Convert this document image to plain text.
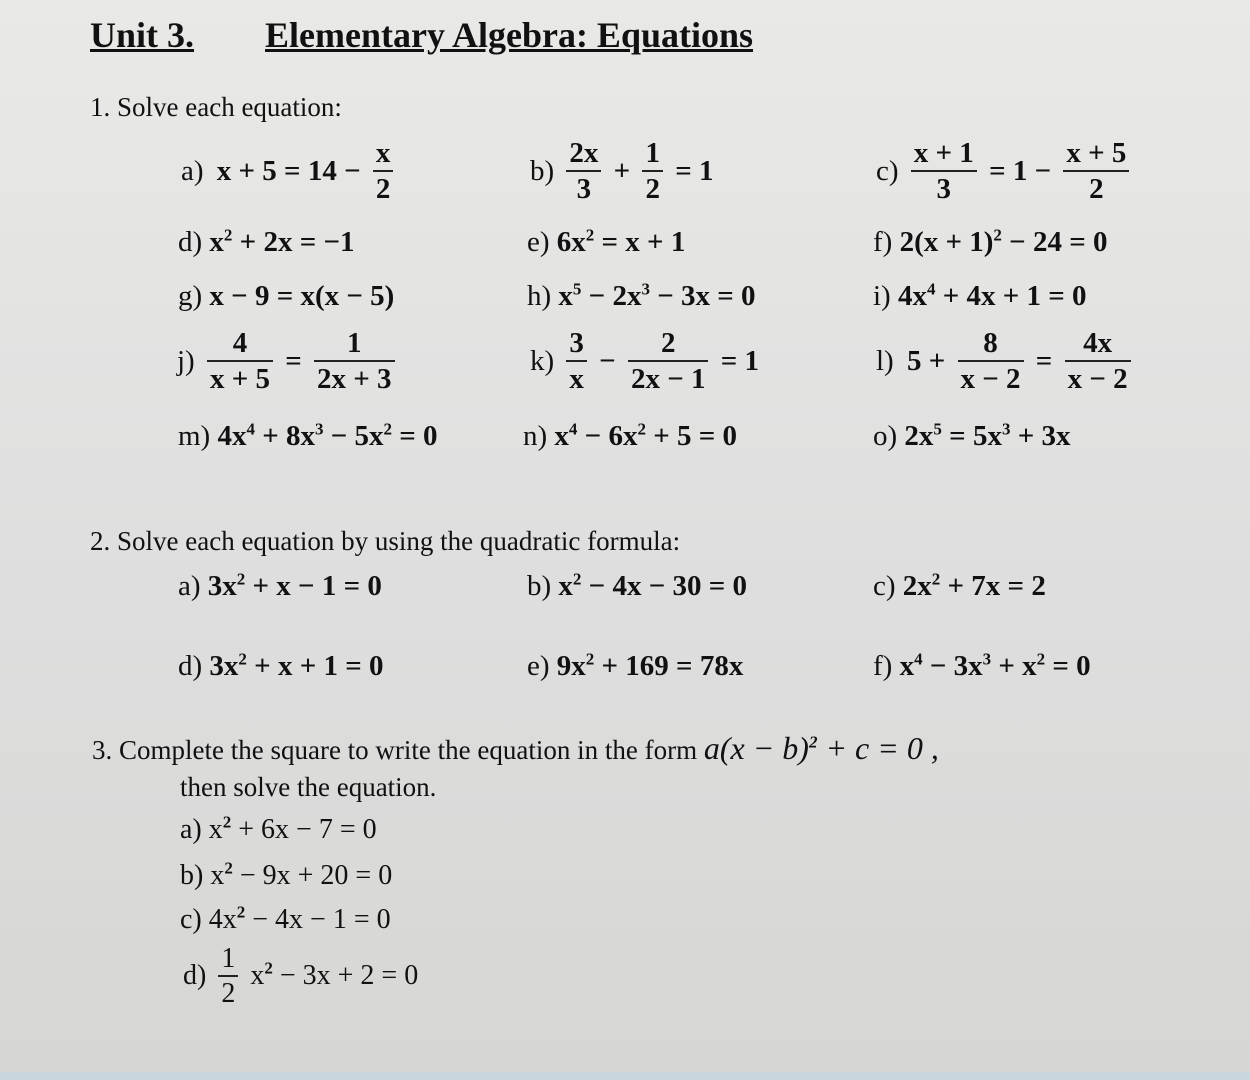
Unit 3. Elementary Algebra: Equations
1. Solve each equation:
a) $x + 5 = 14 - \frac{x}{2}$	$b) \frac{2x}{3} + \frac{1}{2} = 1$	$c) \frac{x + 1}{3} = 1 - \frac{x + 5}{2}$
d) $x^2 + 2x = -1$	e) $6x^2 = x + 1$	f) $2(x + 1)^2 - 24 = 0$
g) x − 9 = x(x − 5)	h) $x^5 - 2x^3 - 3x = 0$	i) $4x^4 + 4x + 1 = 0$
$j) \frac{4}{x + 5} = \frac{1}{2x + 3}$	$k) \frac{3}{x} - \frac{2}{2x - 1} = 1$	l) $5 + \frac{8}{x - 2} = \frac{4x}{x - 2}$
m) $4x^4 + 8x^3 - 5x^2 = 0$	n) $x^4 - 6x^2 + 5 = 0$	o) $2x^5 = 5x^3 + 3x$
2. Solve each equation by using the quadratic formula:
a) $3x^2 + x - 1 = 0$	b) $x^2 - 4x - 30 = 0$	c) $2x^2 + 7x = 2$
d) $3x^2 + x + 1 = 0$	e) $9x^2 + 169 = 78x$	f) $x^4 - 3x^3 + x^2 = 0$
3. Complete the square to write the equation in the form $a(x - b)^2 + c = 0$ ,
then solve the equation.
a) $x^2 + 6x - 7 = 0$
b) $x^2 - 9x + 20 = 0$
c) $4x^2 - 4x - 1 = 0$
$d) \frac{1}{2} x^2 - 3x + 2 = 0$
